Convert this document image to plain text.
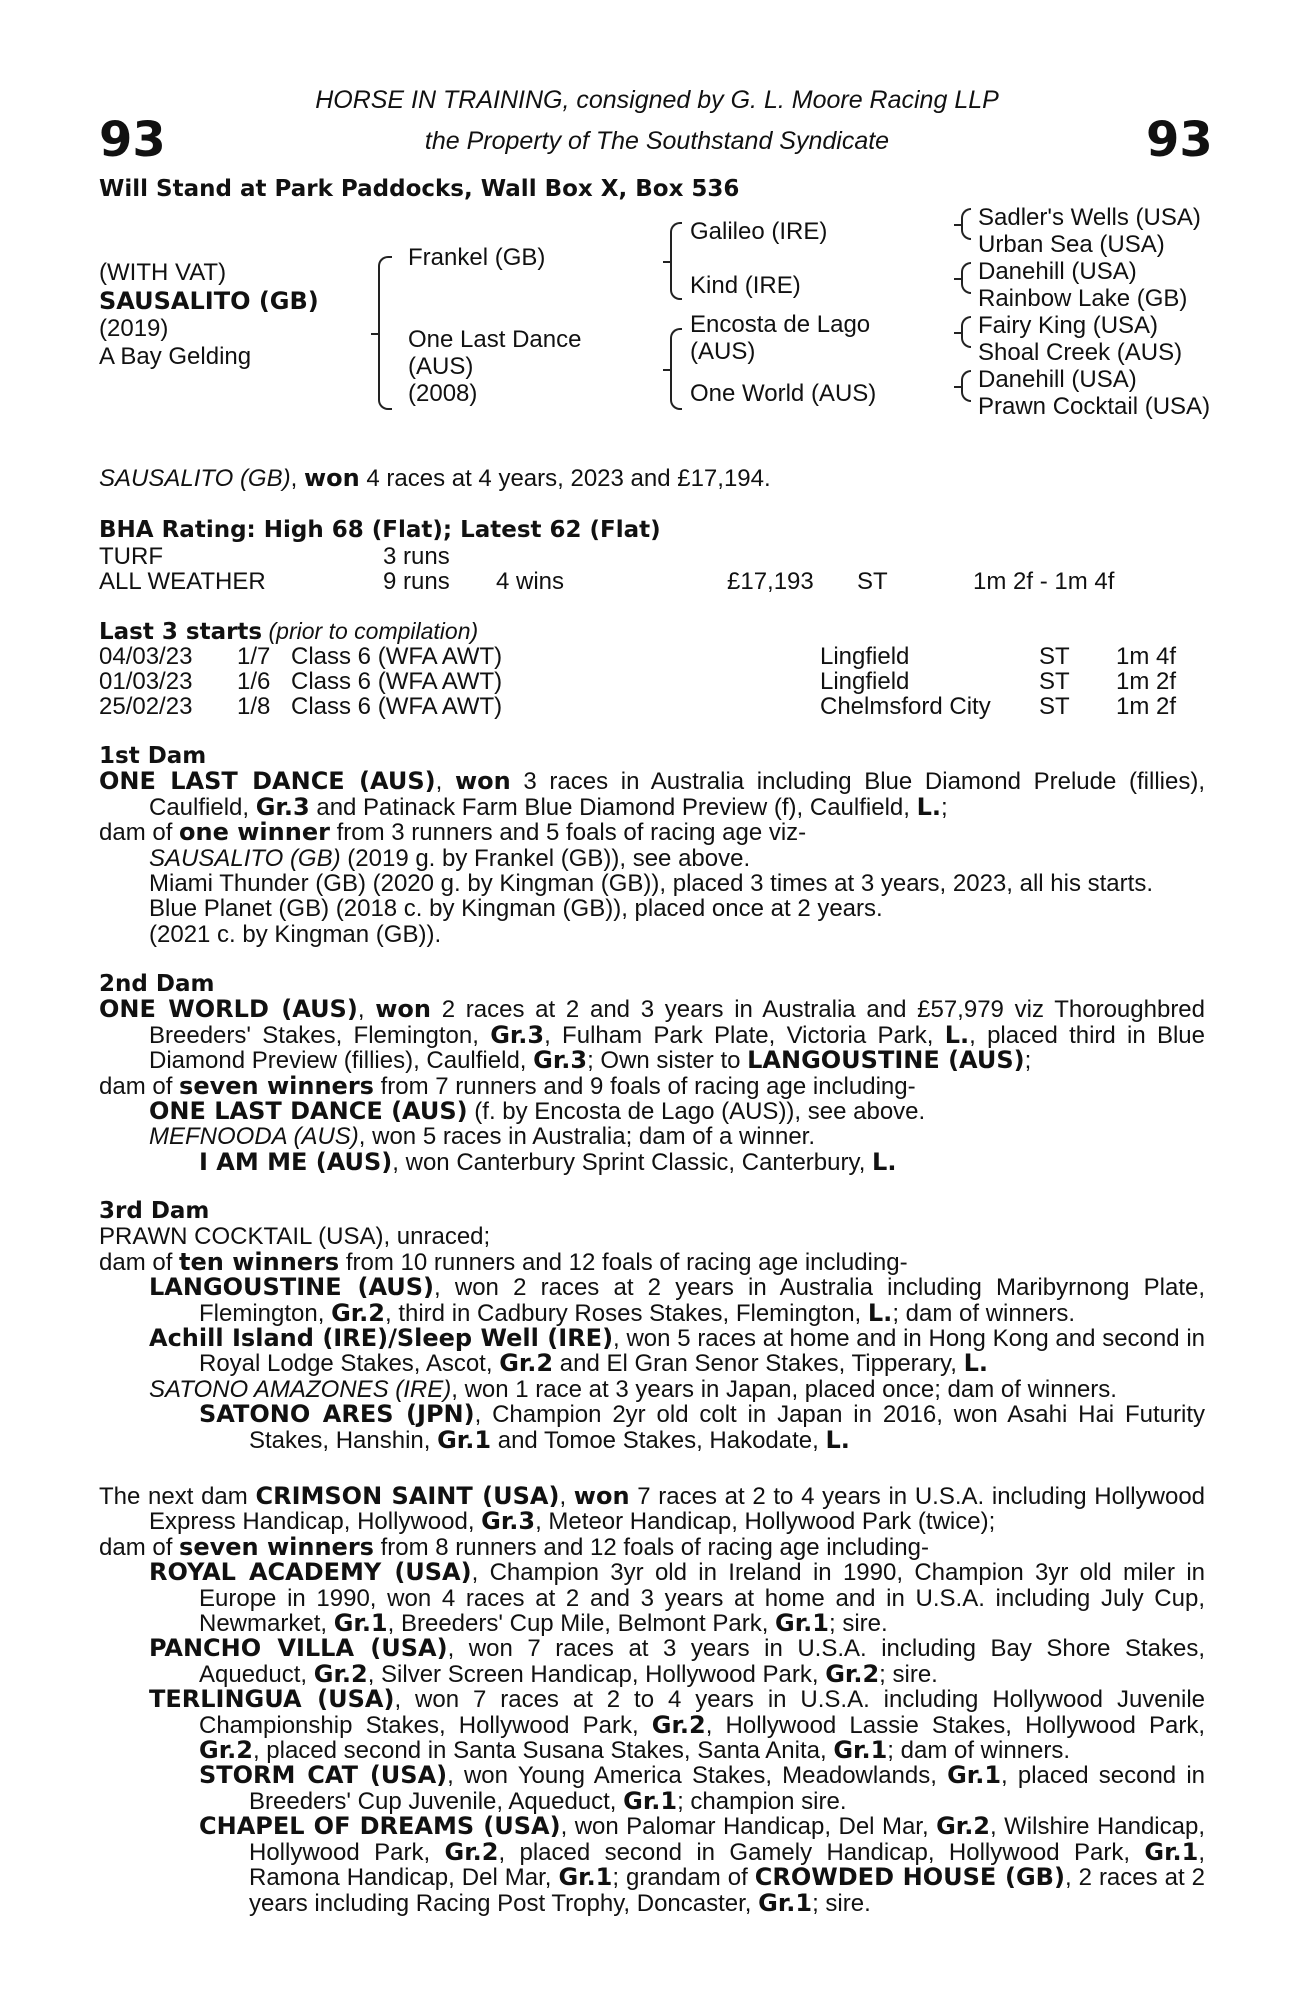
93	93
HORSE IN TRAINING, consigned by G. L. Moore Racing LLP
the Property of The Southstand Syndicate
Will Stand at Park Paddocks, Wall Box X, Box 536
(WITH VAT)
SAUSALITO (GB)
(2019)
A Bay Gelding
Frankel (GB)
One Last Dance
(AUS)
(2008)
Galileo (IRE)
Kind (IRE)
Encosta de Lago
(AUS)
One World (AUS)
Sadler's Wells (USA)
Urban Sea (USA)
Danehill (USA)
Rainbow Lake (GB)
Fairy King (USA)
Shoal Creek (AUS)
Danehill (USA)
Prawn Cocktail (USA)
SAUSALITO (GB), won 4 races at 4 years, 2023 and £17,194.
BHA Rating: High 68 (Flat); Latest 62 (Flat)
TURF	3 runs
ALL WEATHER	9 runs 4 wins	£17,193 ST	1m 2f - 1m 4f
Last 3 starts (prior to compilation)
04/03/23 1/7 Class 6 (WFA AWT)	Lingfield	ST 1m 4f
01/03/23 1/6 Class 6 (WFA AWT)	Lingfield	ST 1m 2f
25/02/23 1/8 Class 6 (WFA AWT)	Chelmsford City ST 1m 2f
1st Dam
ONE LAST DANCE (AUS), won 3 races in Australia including Blue Diamond Prelude (fillies), Caulfield, Gr.3 and Patinack Farm Blue Diamond Preview (f), Caulfield, L.;
dam of one winner from 3 runners and 5 foals of racing age viz-
SAUSALITO (GB) (2019 g. by Frankel (GB)), see above.
Miami Thunder (GB) (2020 g. by Kingman (GB)), placed 3 times at 3 years, 2023, all his starts.
Blue Planet (GB) (2018 c. by Kingman (GB)), placed once at 2 years.
(2021 c. by Kingman (GB)).
2nd Dam
ONE WORLD (AUS), won 2 races at 2 and 3 years in Australia and £57,979 viz Thoroughbred Breeders' Stakes, Flemington, Gr.3, Fulham Park Plate, Victoria Park, L., placed third in Blue Diamond Preview (fillies), Caulfield, Gr.3; Own sister to LANGOUSTINE (AUS);
dam of seven winners from 7 runners and 9 foals of racing age including-
ONE LAST DANCE (AUS) (f. by Encosta de Lago (AUS)), see above.
MEFNOODA (AUS), won 5 races in Australia; dam of a winner.
I AM ME (AUS), won Canterbury Sprint Classic, Canterbury, L.
3rd Dam
PRAWN COCKTAIL (USA), unraced;
dam of ten winners from 10 runners and 12 foals of racing age including-
LANGOUSTINE (AUS), won 2 races at 2 years in Australia including Maribyrnong Plate, Flemington, Gr.2, third in Cadbury Roses Stakes, Flemington, L.; dam of winners.
Achill Island (IRE)/Sleep Well (IRE), won 5 races at home and in Hong Kong and second in Royal Lodge Stakes, Ascot, Gr.2 and El Gran Senor Stakes, Tipperary, L.
SATONO AMAZONES (IRE), won 1 race at 3 years in Japan, placed once; dam of winners.
SATONO ARES (JPN), Champion 2yr old colt in Japan in 2016, won Asahi Hai Futurity Stakes, Hanshin, Gr.1 and Tomoe Stakes, Hakodate, L.
The next dam CRIMSON SAINT (USA), won 7 races at 2 to 4 years in U.S.A. including Hollywood Express Handicap, Hollywood, Gr.3, Meteor Handicap, Hollywood Park (twice);
dam of seven winners from 8 runners and 12 foals of racing age including-
ROYAL ACADEMY (USA), Champion 3yr old in Ireland in 1990, Champion 3yr old miler in Europe in 1990, won 4 races at 2 and 3 years at home and in U.S.A. including July Cup, Newmarket, Gr.1, Breeders' Cup Mile, Belmont Park, Gr.1; sire.
PANCHO VILLA (USA), won 7 races at 3 years in U.S.A. including Bay Shore Stakes, Aqueduct, Gr.2, Silver Screen Handicap, Hollywood Park, Gr.2; sire.
TERLINGUA (USA), won 7 races at 2 to 4 years in U.S.A. including Hollywood Juvenile Championship Stakes, Hollywood Park, Gr.2, Hollywood Lassie Stakes, Hollywood Park, Gr.2, placed second in Santa Susana Stakes, Santa Anita, Gr.1; dam of winners.
STORM CAT (USA), won Young America Stakes, Meadowlands, Gr.1, placed second in Breeders' Cup Juvenile, Aqueduct, Gr.1; champion sire.
CHAPEL OF DREAMS (USA), won Palomar Handicap, Del Mar, Gr.2, Wilshire Handicap, Hollywood Park, Gr.2, placed second in Gamely Handicap, Hollywood Park, Gr.1, Ramona Handicap, Del Mar, Gr.1; grandam of CROWDED HOUSE (GB), 2 races at 2 years including Racing Post Trophy, Doncaster, Gr.1; sire.
